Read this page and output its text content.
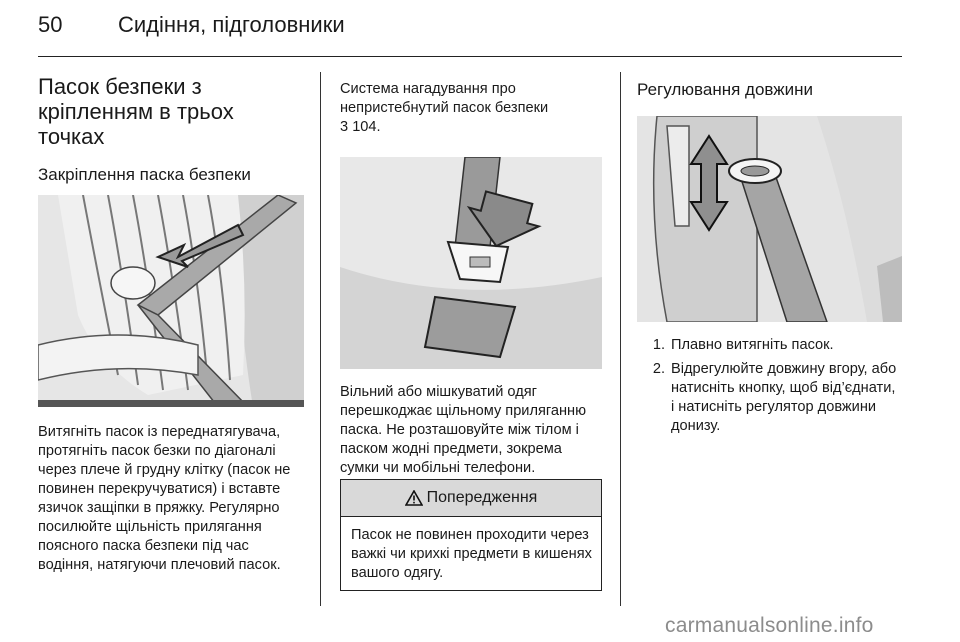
50	Сидіння, підголовники
Пасок безпеки з кріпленням в трьох точках
Закріплення паска безпеки

Витягніть пасок із переднатягувача, протягніть пасок безки по діагоналі через плече й грудну клітку (пасок не повинен перекручуватися) і вставте язичок защіпки в пряжку. Регулярно посилюйте щільність прилягання поясного паска безпеки під час водіння, натягуючи плечовий пасок.

Система нагадування про непристебнутий пасок безпеки
3 104.

Вільний або мішкуватий одяг перешкоджає щільному приляганню паска. Не розташовуйте між тілом і паском жодні предмети, зокрема сумки чи мобільні телефони.

Попередження
Пасок не повинен проходити через важкі чи крихкі предмети в кишенях вашого одягу.
Регулювання довжини
1. Плавно витягніть пасок.
2. Відрегулюйте довжину вгору, або натисніть кнопку, щоб від’єднати, і натисніть регулятор довжини донизу.
carmanualsonline.info
